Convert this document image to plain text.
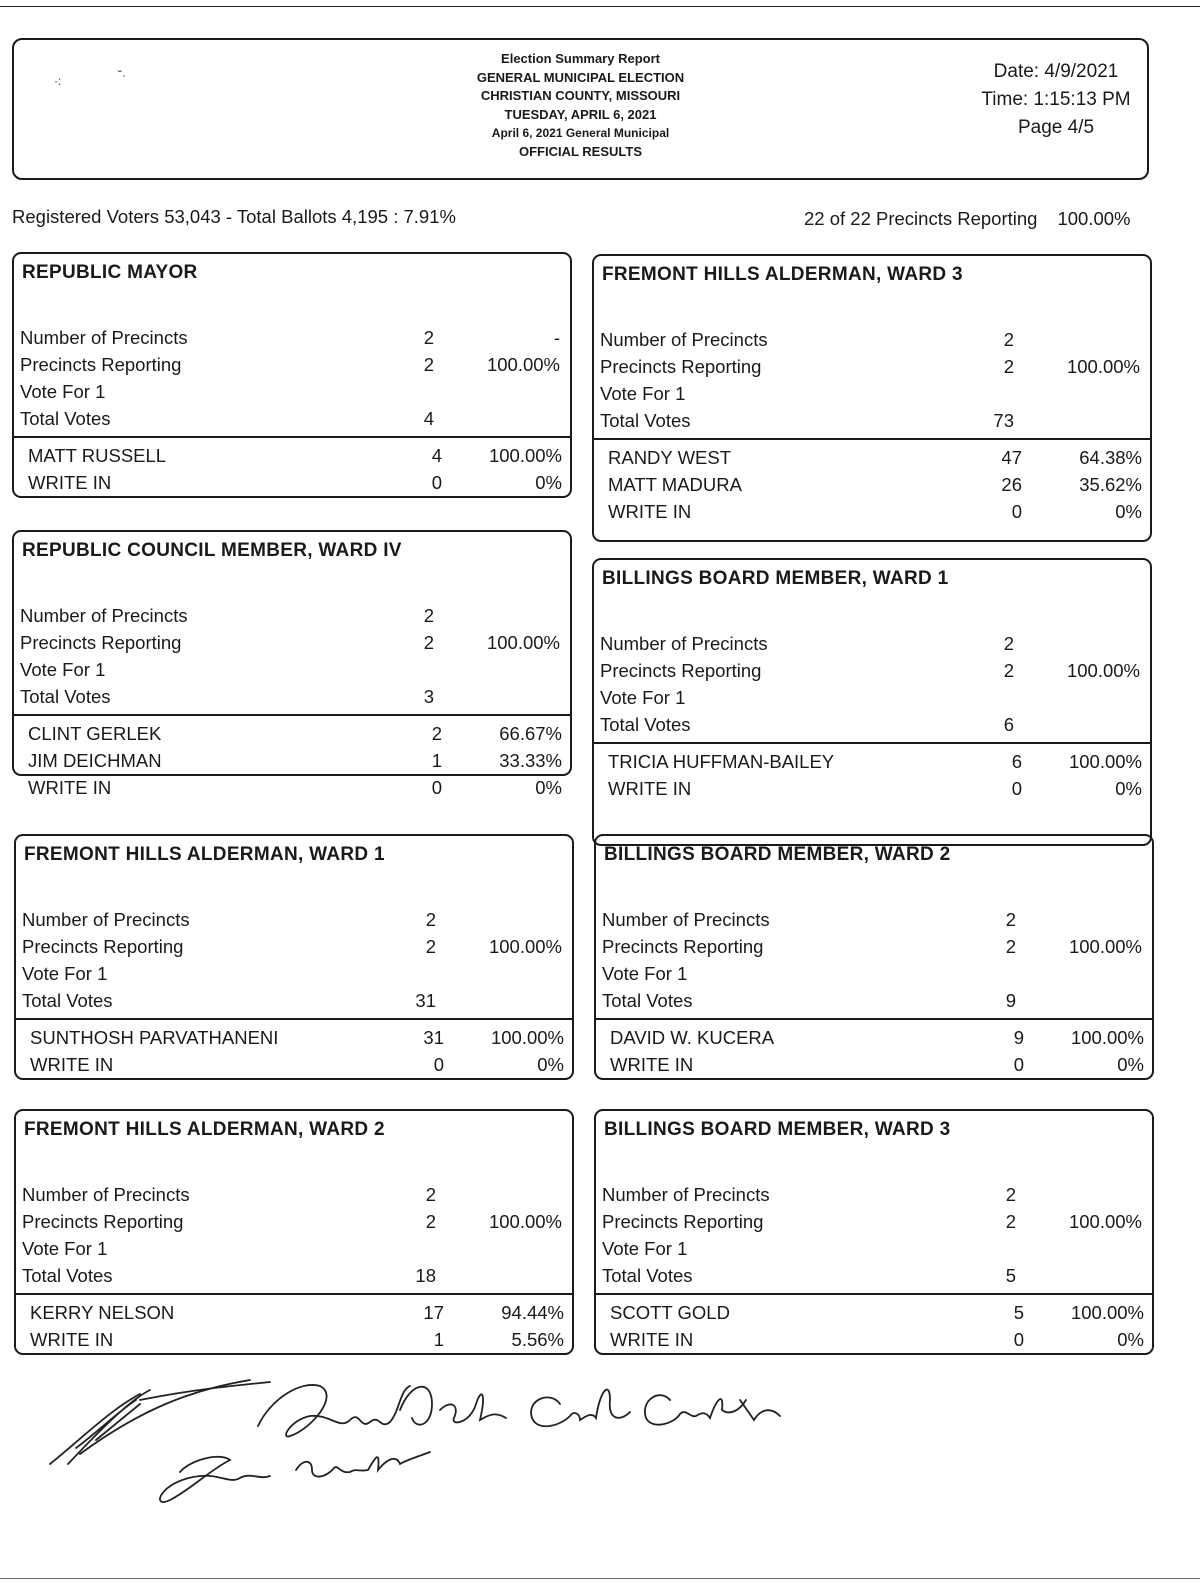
·:	˘·
Election Summary Report
GENERAL MUNICIPAL ELECTION
CHRISTIAN COUNTY, MISSOURI
TUESDAY, APRIL 6, 2021
April 6, 2021 General Municipal
OFFICIAL RESULTS
Date: 4/9/2021
Time: 1:15:13 PM
Page 4/5
Registered Voters 53,043 - Total Ballots 4,195 : 7.91%	22 of 22 Precincts Reporting 100.00%
REPUBLIC MAYOR
Number of Precincts	2	-
Precincts Reporting	2	100.00%
Vote For 1
Total Votes	4
MATT RUSSELL	4	100.00%
WRITE IN	0	0%
REPUBLIC COUNCIL MEMBER, WARD IV
Number of Precincts	2
Precincts Reporting	2	100.00%
Vote For 1
Total Votes	3
CLINT GERLEK	2	66.67%
JIM DEICHMAN	1	33.33%
WRITE IN	0	0%
FREMONT HILLS ALDERMAN, WARD 1
Number of Precincts	2
Precincts Reporting	2	100.00%
Vote For 1
Total Votes	31
SUNTHOSH PARVATHANENI	31	100.00%
WRITE IN	0	0%
FREMONT HILLS ALDERMAN, WARD 2
Number of Precincts	2
Precincts Reporting	2	100.00%
Vote For 1
Total Votes	18
KERRY NELSON	17	94.44%
WRITE IN	1	5.56%
FREMONT HILLS ALDERMAN, WARD 3
Number of Precincts	2
Precincts Reporting	2	100.00%
Vote For 1
Total Votes	73
RANDY WEST	47	64.38%
MATT MADURA	26	35.62%
WRITE IN	0	0%
BILLINGS BOARD MEMBER, WARD 1
Number of Precincts	2
Precincts Reporting	2	100.00%
Vote For 1
Total Votes	6
TRICIA HUFFMAN-BAILEY	6	100.00%
WRITE IN	0	0%
BILLINGS BOARD MEMBER, WARD 2
Number of Precincts	2
Precincts Reporting	2	100.00%
Vote For 1
Total Votes	9
DAVID W. KUCERA	9	100.00%
WRITE IN	0	0%
BILLINGS BOARD MEMBER, WARD 3
Number of Precincts	2
Precincts Reporting	2	100.00%
Vote For 1
Total Votes	5
SCOTT GOLD	5	100.00%
WRITE IN	0	0%
